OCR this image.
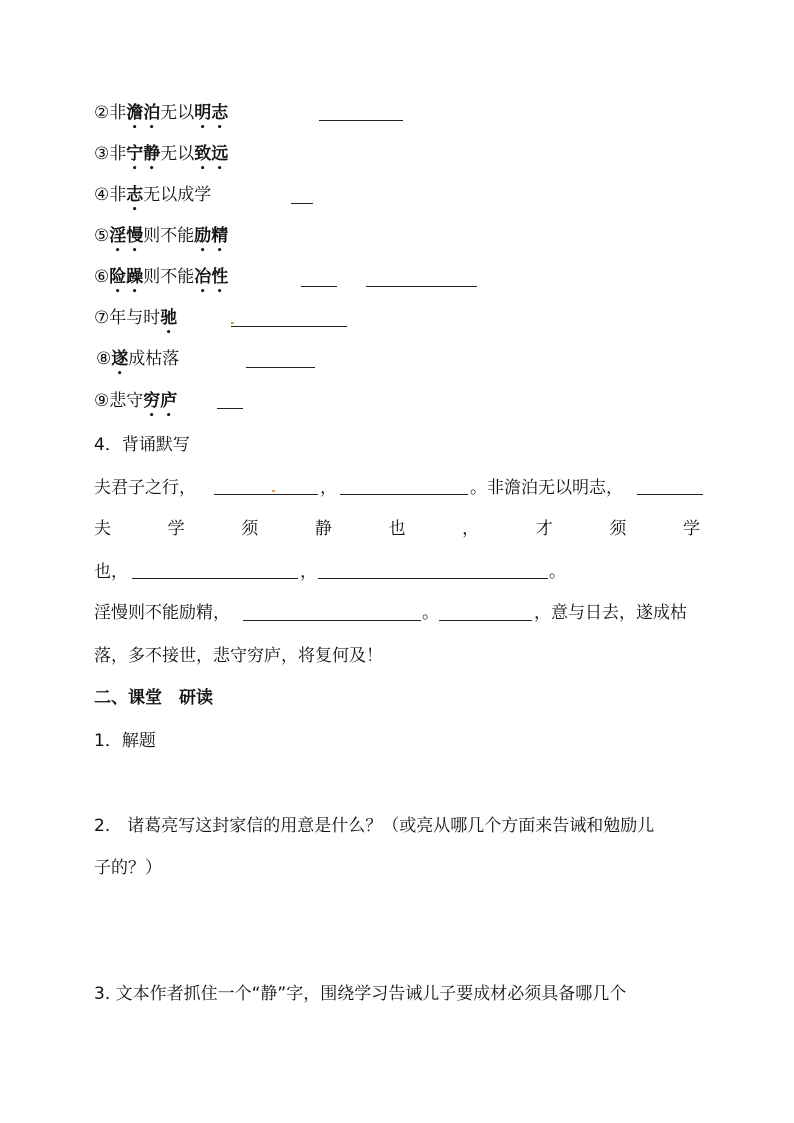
②非澹泊无以明志
③非宁静无以致远
④非志无以成学
⑤淫慢则不能励精
⑥险躁则不能冶性
⑦年与时驰
⑧遂成枯落
⑨悲守穷庐
4．背诵默写
夫君子之行，	，	。非澹泊无以明志，
夫	学	须	静	也	，	才	须	学
也，	，	。
淫慢则不能励精，	。	，意与日去，遂成枯
落，多不接世，悲守穷庐，将复何及！
二、课堂　研读
1．解题
2.　诸葛亮写这封家信的用意是什么？（或亮从哪几个方面来告诫和勉励儿
子的？）
3. 文本作者抓住一个“静”字，围绕学习告诫儿子要成材必须具备哪几个
